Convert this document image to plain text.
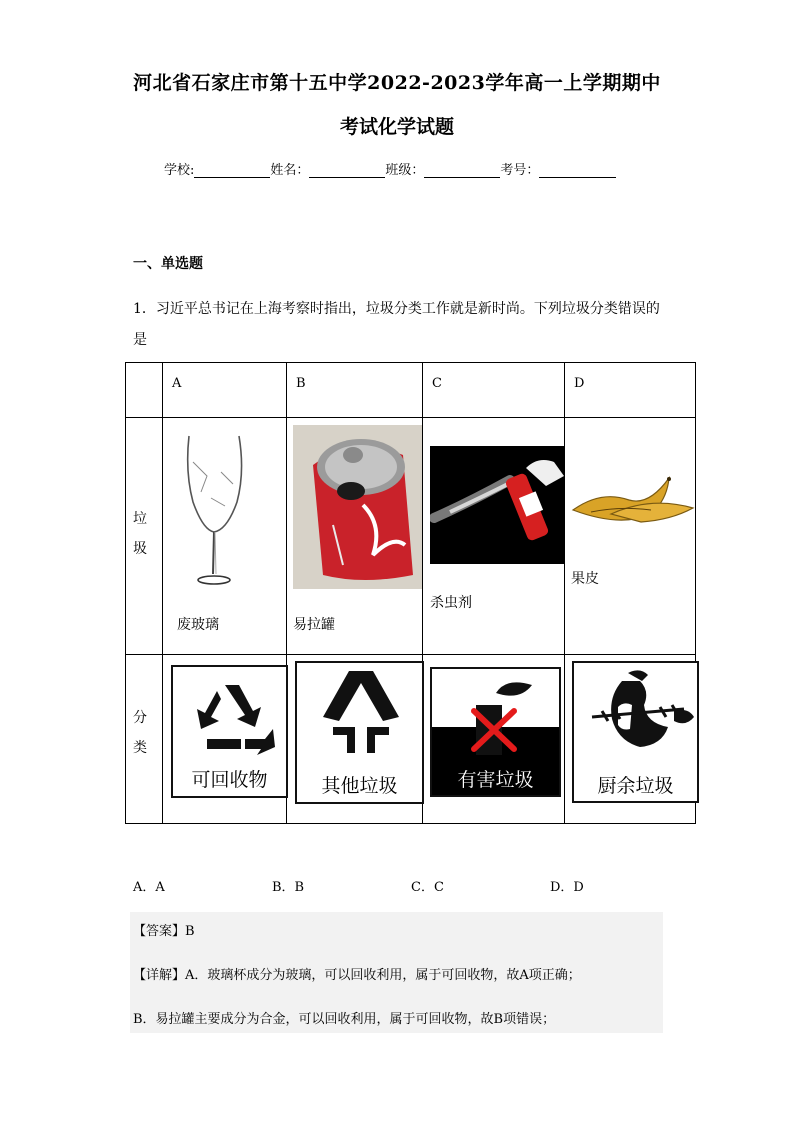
河北省石家庄市第十五中学2022-2023学年高一上学期期中
考试化学试题
学校:	姓名：	班级：	考号：
一、单选题
1．习近平总书记在上海考察时指出，垃圾分类工作就是新时尚。下列垃圾分类错误的是

	A	B	C	D

垃
圾	废玻璃	易拉罐	杀虫剂	果皮

分
类	可回收物	其他垃圾	有害垃圾	厨余垃圾
A．A	B．B	C．C	D．D
【答案】B
【详解】A．玻璃杯成分为玻璃，可以回收利用，属于可回收物，故A项正确；
B．易拉罐主要成分为合金，可以回收利用，属于可回收物，故B项错误；
